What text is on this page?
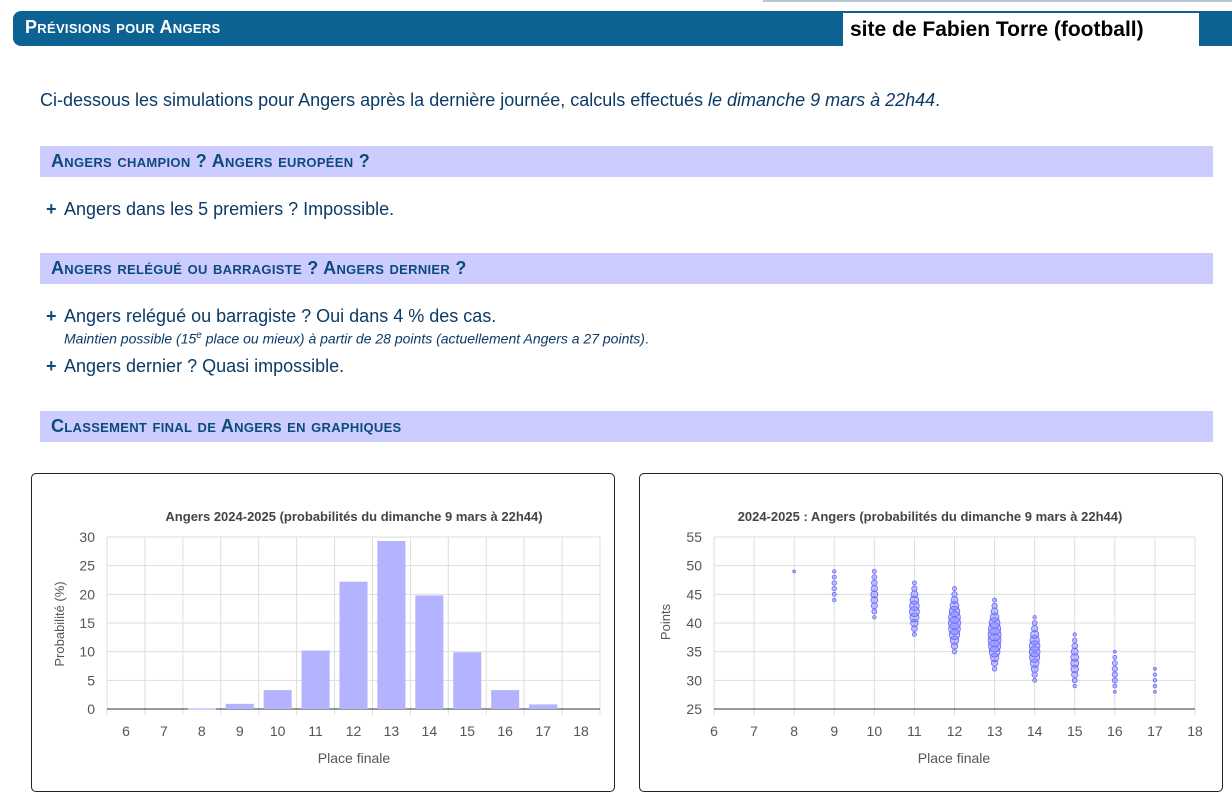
Prévisions pour Angers	site de Fabien Torre (football)
Ci-dessous les simulations pour Angers après la dernière journée, calculs effectués le dimanche 9 mars à 22h44.
Angers champion ? Angers européen ?
+ Angers dans les 5 premiers ? Impossible.
Angers relégué ou barragiste ? Angers dernier ?
+ Angers relégué ou barragiste ? Oui dans 4 % des cas.
Maintien possible (15e place ou mieux) à partir de 28 points (actuellement Angers a 27 points).
+ Angers dernier ? Quasi impossible.
Classement final de Angers en graphiques
Angers 2024-2025 (probabilités du dimanche 9 mars à 22h44)
0
5
10
15
20
25
30
6 7 8 9 10 11 12 13 14 15 16 17 18
Place finale
Probabilité (%)
2024-2025 : Angers (probabilités du dimanche 9 mars à 22h44)
25
30
35
40
45
50
55
6 7 8 9 10 11 12 13 14 15 16 17 18
Place finale
Points
